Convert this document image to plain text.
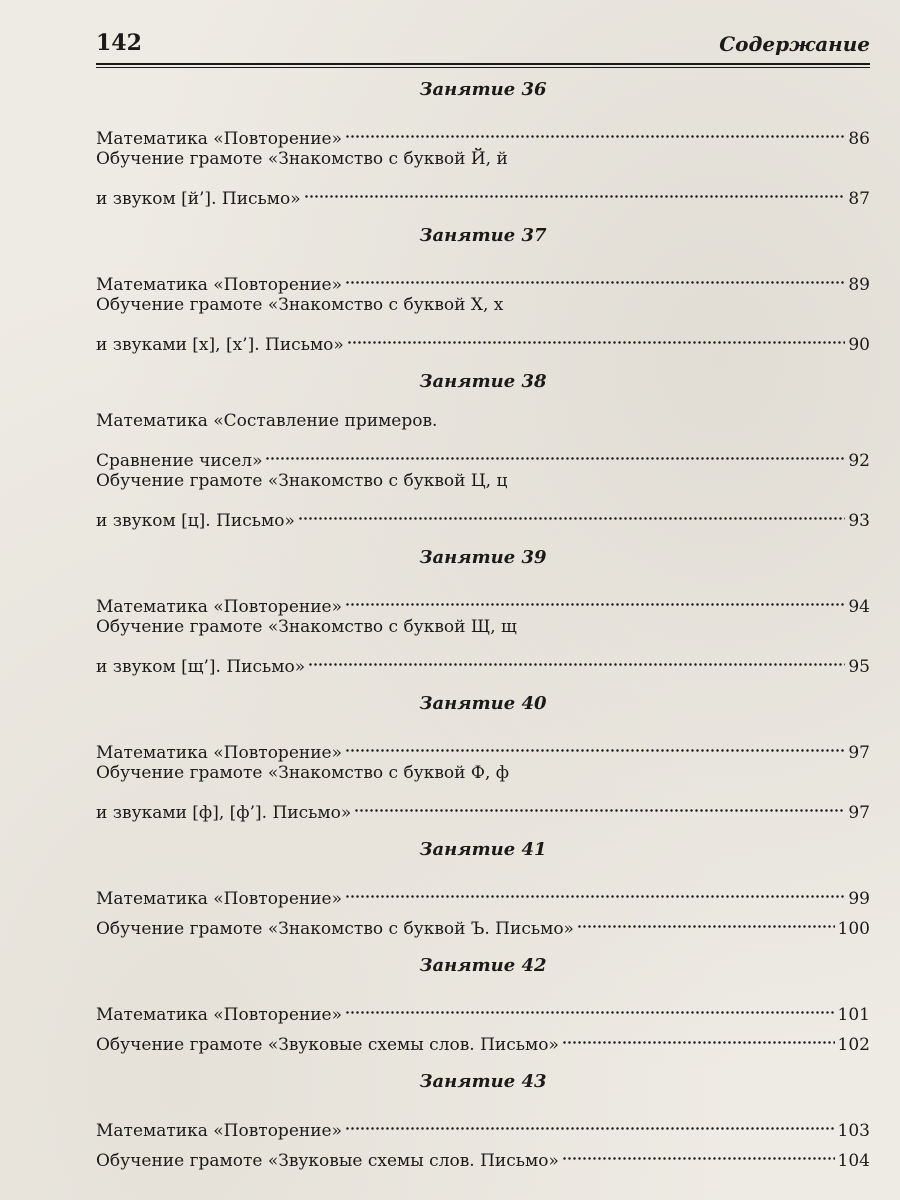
142	Содержание
Занятие 36
Математика «Повторение»	86
Обучение грамоте «Знакомство с буквой Й, й
и звуком [й’]. Письмо»	87
Занятие 37
Математика «Повторение»	89
Обучение грамоте «Знакомство с буквой Х, х
и звуками [х], [х’]. Письмо»	90
Занятие 38
Математика «Составление примеров.
Сравнение чисел»	92
Обучение грамоте «Знакомство с буквой Ц, ц
и звуком [ц]. Письмо»	93
Занятие 39
Математика «Повторение»	94
Обучение грамоте «Знакомство с буквой Щ, щ
и звуком [щ’]. Письмо»	95
Занятие 40
Математика «Повторение»	97
Обучение грамоте «Знакомство с буквой Ф, ф
и звуками [ф], [ф’]. Письмо»	97
Занятие 41
Математика «Повторение»	99
Обучение грамоте «Знакомство с буквой Ъ. Письмо»	100
Занятие 42
Математика «Повторение»	101
Обучение грамоте «Звуковые схемы слов. Письмо»	102
Занятие 43
Математика «Повторение»	103
Обучение грамоте «Звуковые схемы слов. Письмо»	104
